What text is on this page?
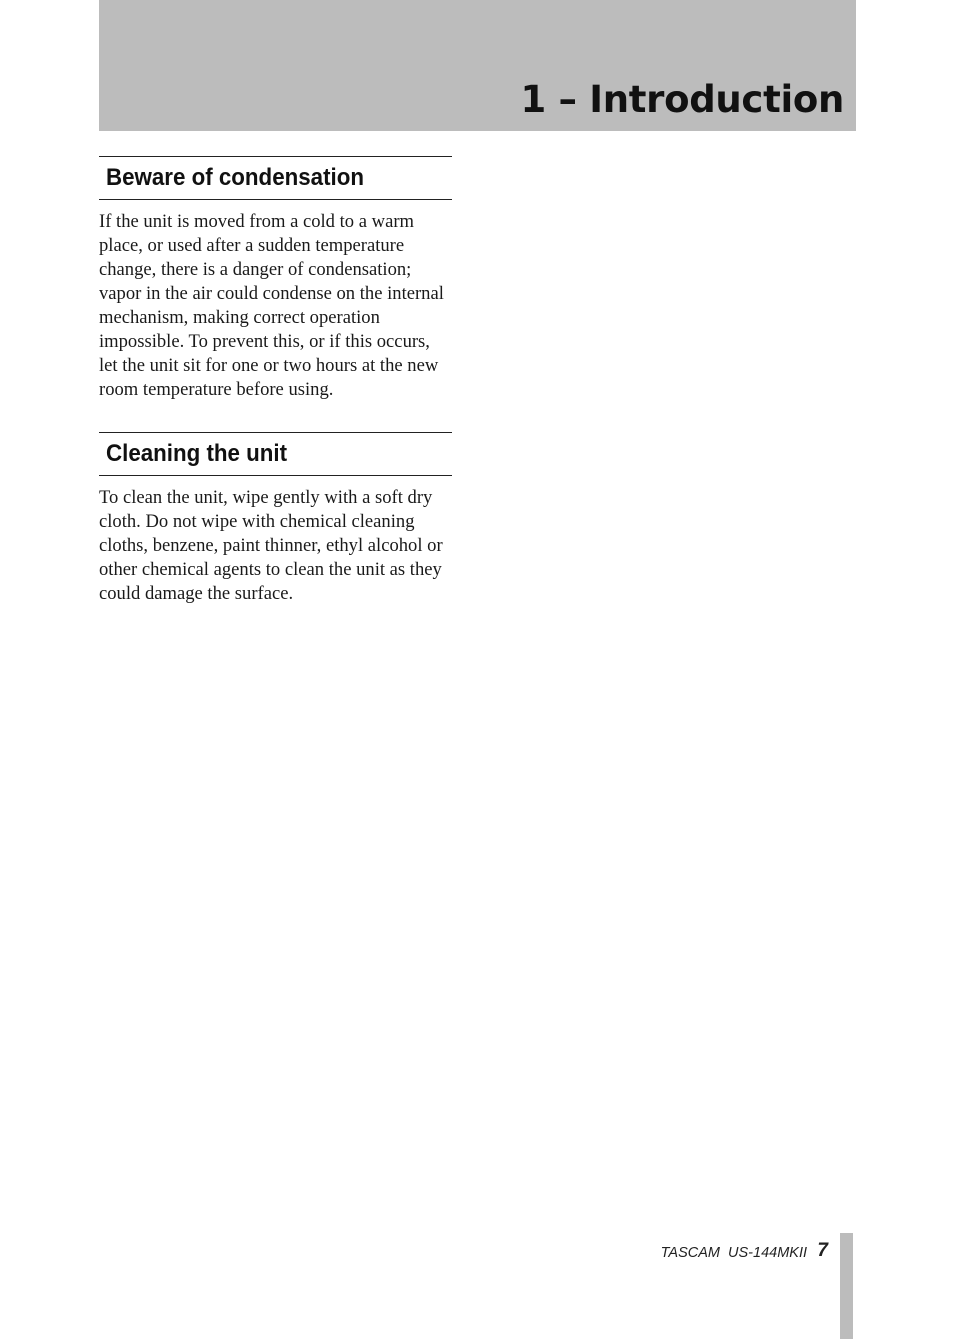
1 – Introduction
Beware of condensation

If the unit is moved from a cold to a warm place, or used after a sudden temperature change, there is a danger of condensation; vapor in the air could condense on the internal mechanism, making correct operation impossible. To prevent this, or if this occurs, let the unit sit for one or two hours at the new room temperature before using.

Cleaning the unit

To clean the unit, wipe gently with a soft dry cloth. Do not wipe with chemical cleaning cloths, benzene, paint thinner, ethyl alcohol or other chemical agents to clean the unit as they could damage the surface.

TASCAM  US-144MKII 7
